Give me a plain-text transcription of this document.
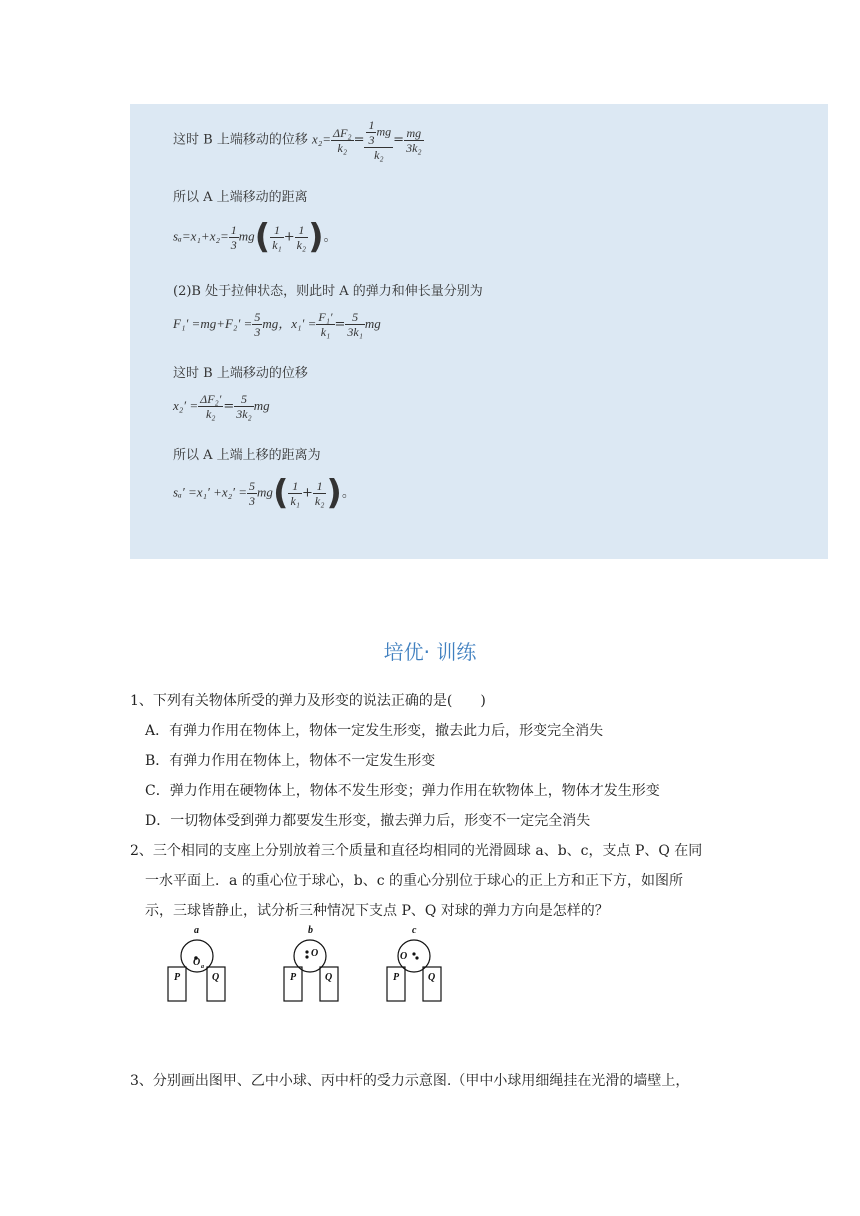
这时 B 上端移动的位移 $x_2= \frac{\text{ΔF₂}}{\text{k₂}} = \frac{\frac{1}{3} mg}{\text{k₂}} = \frac{mg}{\text{3k₂}}$
所以 A 上端移动的距离
$s_a=x_1+x_2= \frac{1}{3} mg( \frac{1}{\text{k₁}} + \frac{1}{\text{k₂}}$ )。
(2)B 处于拉伸状态，则此时 A 的弹力和伸长量分别为
$F_1' =mg+F_2' = \frac{5}{3}$ mg，$x_1' = \frac{\text{F₁′}}{\text{k₁}} = \frac{5}{\text{3k₁}}$ mg
这时 B 上端移动的位移
$x_2' = \frac{\text{ΔF₂′}}{\text{k₂}} = \frac{5}{\text{3k₂}}$ mg
所以 A 上端上移的距离为
$s_a' =x_1' +x_2' = \frac{5}{3} mg( \frac{1}{\text{k₁}} + \frac{1}{\text{k₂}}$ )。
培优· 训练
1、下列有关物体所受的弹力及形变的说法正确的是(　　)
A．有弹力作用在物体上，物体一定发生形变，撤去此力后，形变完全消失
B．有弹力作用在物体上，物体不一定发生形变
C．弹力作用在硬物体上，物体不发生形变；弹力作用在软物体上，物体才发生形变
D．一切物体受到弹力都要发生形变，撤去弹力后，形变不一定完全消失
2、三个相同的支座上分别放着三个质量和直径均相同的光滑圆球 a、b、c，支点 P、Q 在同
一水平面上．a 的重心位于球心，b、c 的重心分别位于球心的正上方和正下方，如图所
示，三球皆静止，试分析三种情况下支点 P、Q 对球的弹力方向是怎样的？
a
O a
P	Q
b
O
P	Q
c
O
P	Q
3、分别画出图甲、乙中小球、丙中杆的受力示意图.（甲中小球用细绳挂在光滑的墙壁上，
